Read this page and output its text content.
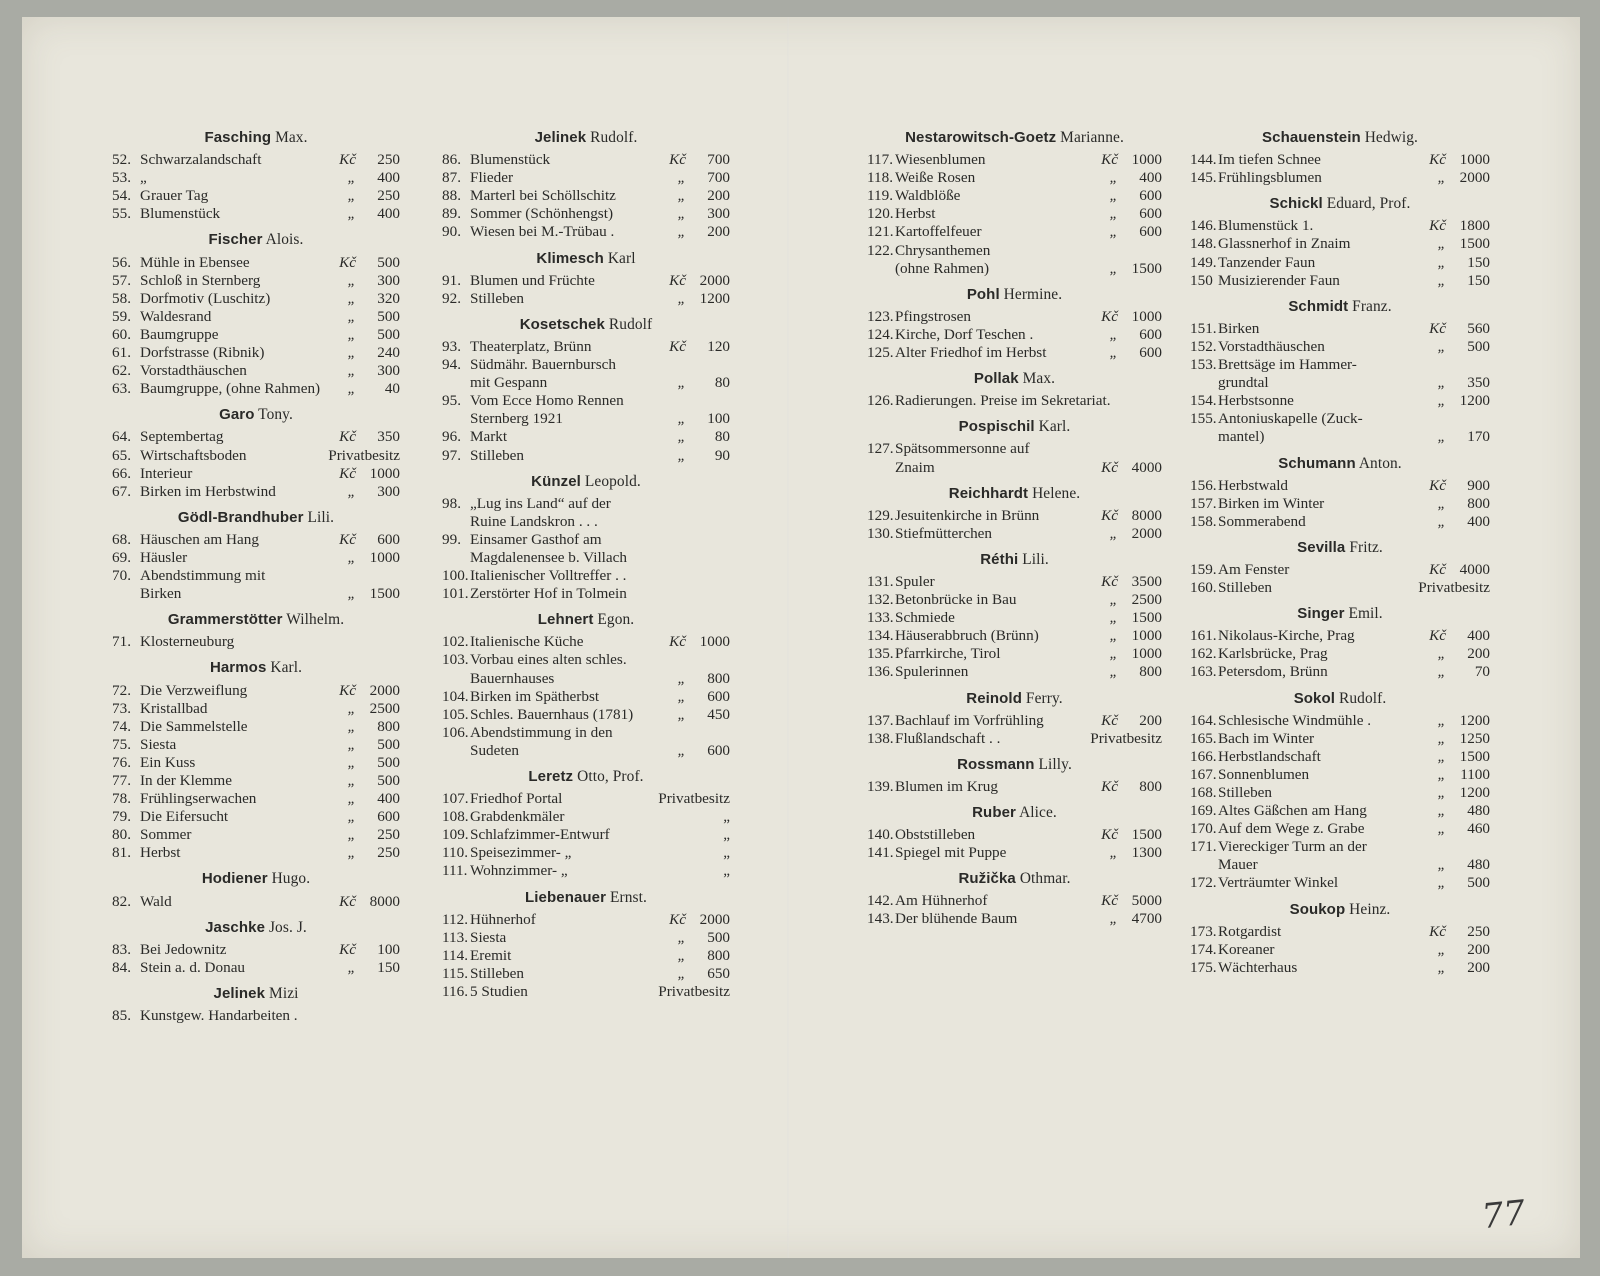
Fasching Max.
52. Schwarzalandschaft	Kč	250
53. „	„	400
54. Grauer Tag	„	250
55. Blumenstück	„	400
Fischer Alois.
56. Mühle in Ebensee	Kč	500
57. Schloß in Sternberg	„	300
58. Dorfmotiv (Luschitz)	„	320
59. Waldesrand	„	500
60. Baumgruppe	„	500
61. Dorfstrasse (Ribnik)	„	240
62. Vorstadthäuschen	„	300
63. Baumgruppe, (ohne Rahmen)	„	40
Garo Tony.
64. Septembertag	Kč	350
65. Wirtschaftsboden	Privatbesitz
66. Interieur	Kč 1000
67. Birken im Herbstwind	„	300
Gödl-Brandhuber Lili.
68. Häuschen am Hang	Kč	600
69. Häusler	„ 1000
70. Abendstimmung mit
Birken	„ 1500
Grammerstötter Wilhelm.
71. Klosterneuburg
Harmos Karl.
72. Die Verzweiflung	Kč 2000
73. Kristallbad	„ 2500
74. Die Sammelstelle	„	800
75. Siesta	„	500
76. Ein Kuss	„	500
77. In der Klemme	„	500
78. Frühlingserwachen	„	400
79. Die Eifersucht	„	600
80. Sommer	„	250
81. Herbst	„	250
Hodiener Hugo.
82. Wald	Kč 8000
Jaschke Jos. J.
83. Bei Jedownitz	Kč	100
84. Stein a. d. Donau	„	150
Jelinek Mizi
85. Kunstgew. Handarbeiten .
Jelinek Rudolf.
86. Blumenstück	Kč	700
87. Flieder	„	700
88. Marterl bei Schöllschitz	„	200
89. Sommer (Schönhengst)	„	300
90. Wiesen bei M.-Trübau .	„	200
Klimesch Karl
91. Blumen und Früchte	Kč 2000
92. Stilleben	„ 1200
Kosetschek Rudolf
93. Theaterplatz, Brünn	Kč	120
94. Südmähr. Bauernbursch
mit Gespann	„	80
95. Vom Ecce Homo Rennen
Sternberg 1921	„	100
96. Markt	„	80
97. Stilleben	„	90
Künzel Leopold.
98. „Lug ins Land“ auf der
Ruine Landskron . . .
99. Einsamer Gasthof am
Magdalenensee b. Villach
100. Italienischer Volltreffer . .
101. Zerstörter Hof in Tolmein
Lehnert Egon.
102. Italienische Küche	Kč 1000
103. Vorbau eines alten schles.
Bauernhauses	„	800
104. Birken im Spätherbst	„	600
105. Schles. Bauernhaus (1781)	„	450
106. Abendstimmung in den
Sudeten	„	600
Leretz Otto, Prof.
107. Friedhof Portal	Privatbesitz
108. Grabdenkmäler	„
109. Schlafzimmer-Entwurf	„
110. Speisezimmer- „	„
111. Wohnzimmer- „	„
Liebenauer Ernst.
112. Hühnerhof	Kč 2000
113. Siesta	„	500
114. Eremit	„	800
115. Stilleben	„	650
116. 5 Studien	Privatbesitz
Nestarowitsch-Goetz Marianne.
117. Wiesenblumen	Kč 1000
118. Weiße Rosen	„	400
119. Waldblöße	„	600
120. Herbst	„	600
121. Kartoffelfeuer	„	600
122. Chrysanthemen
(ohne Rahmen)	„ 1500
Pohl Hermine.
123. Pfingstrosen	Kč 1000
124. Kirche, Dorf Teschen .	„	600
125. Alter Friedhof im Herbst	„	600
Pollak Max.
126. Radierungen. Preise im Sekretariat.
Pospischil Karl.
127. Spätsommersonne auf
Znaim	Kč 4000
Reichhardt Helene.
129. Jesuitenkirche in Brünn	Kč 8000
130. Stiefmütterchen	„ 2000
Réthi Lili.
131. Spuler	Kč 3500
132. Betonbrücke in Bau	„ 2500
133. Schmiede	„ 1500
134. Häuserabbruch (Brünn)	„ 1000
135. Pfarrkirche, Tirol	„ 1000
136. Spulerinnen	„	800
Reinold Ferry.
137. Bachlauf im Vorfrühling	Kč	200
138. Flußlandschaft . .	Privatbesitz
Rossmann Lilly.
139. Blumen im Krug	Kč	800
Ruber Alice.
140. Obststilleben	Kč 1500
141. Spiegel mit Puppe	„ 1300
Ružička Othmar.
142. Am Hühnerhof	Kč 5000
143. Der blühende Baum	„ 4700
Schauenstein Hedwig.
144. Im tiefen Schnee	Kč 1000
145. Frühlingsblumen	„ 2000
Schickl Eduard, Prof.
146. Blumenstück 1.	Kč 1800
148. Glassnerhof in Znaim	„ 1500
149. Tanzender Faun	„	150
150 Musizierender Faun	„	150
Schmidt Franz.
151. Birken	Kč	560
152. Vorstadthäuschen	„	500
153. Brettsäge im Hammer-
grundtal	„	350
154. Herbstsonne	„ 1200
155. Antoniuskapelle (Zuck-
mantel)	„	170
Schumann Anton.
156. Herbstwald	Kč	900
157. Birken im Winter	„	800
158. Sommerabend	„	400
Sevilla Fritz.
159. Am Fenster	Kč 4000
160. Stilleben	Privatbesitz
Singer Emil.
161. Nikolaus-Kirche, Prag	Kč	400
162. Karlsbrücke, Prag	„	200
163. Petersdom, Brünn	„	70
Sokol Rudolf.
164. Schlesische Windmühle .	„ 1200
165. Bach im Winter	„ 1250
166. Herbstlandschaft	„ 1500
167. Sonnenblumen	„ 1100
168. Stilleben	„ 1200
169. Altes Gäßchen am Hang	„	480
170. Auf dem Wege z. Grabe	„	460
171. Viereckiger Turm an der
Mauer	„	480
172. Verträumter Winkel	„	500
Soukop Heinz.
173. Rotgardist	Kč	250
174. Koreaner	„	200
175. Wächterhaus	„	200
77
